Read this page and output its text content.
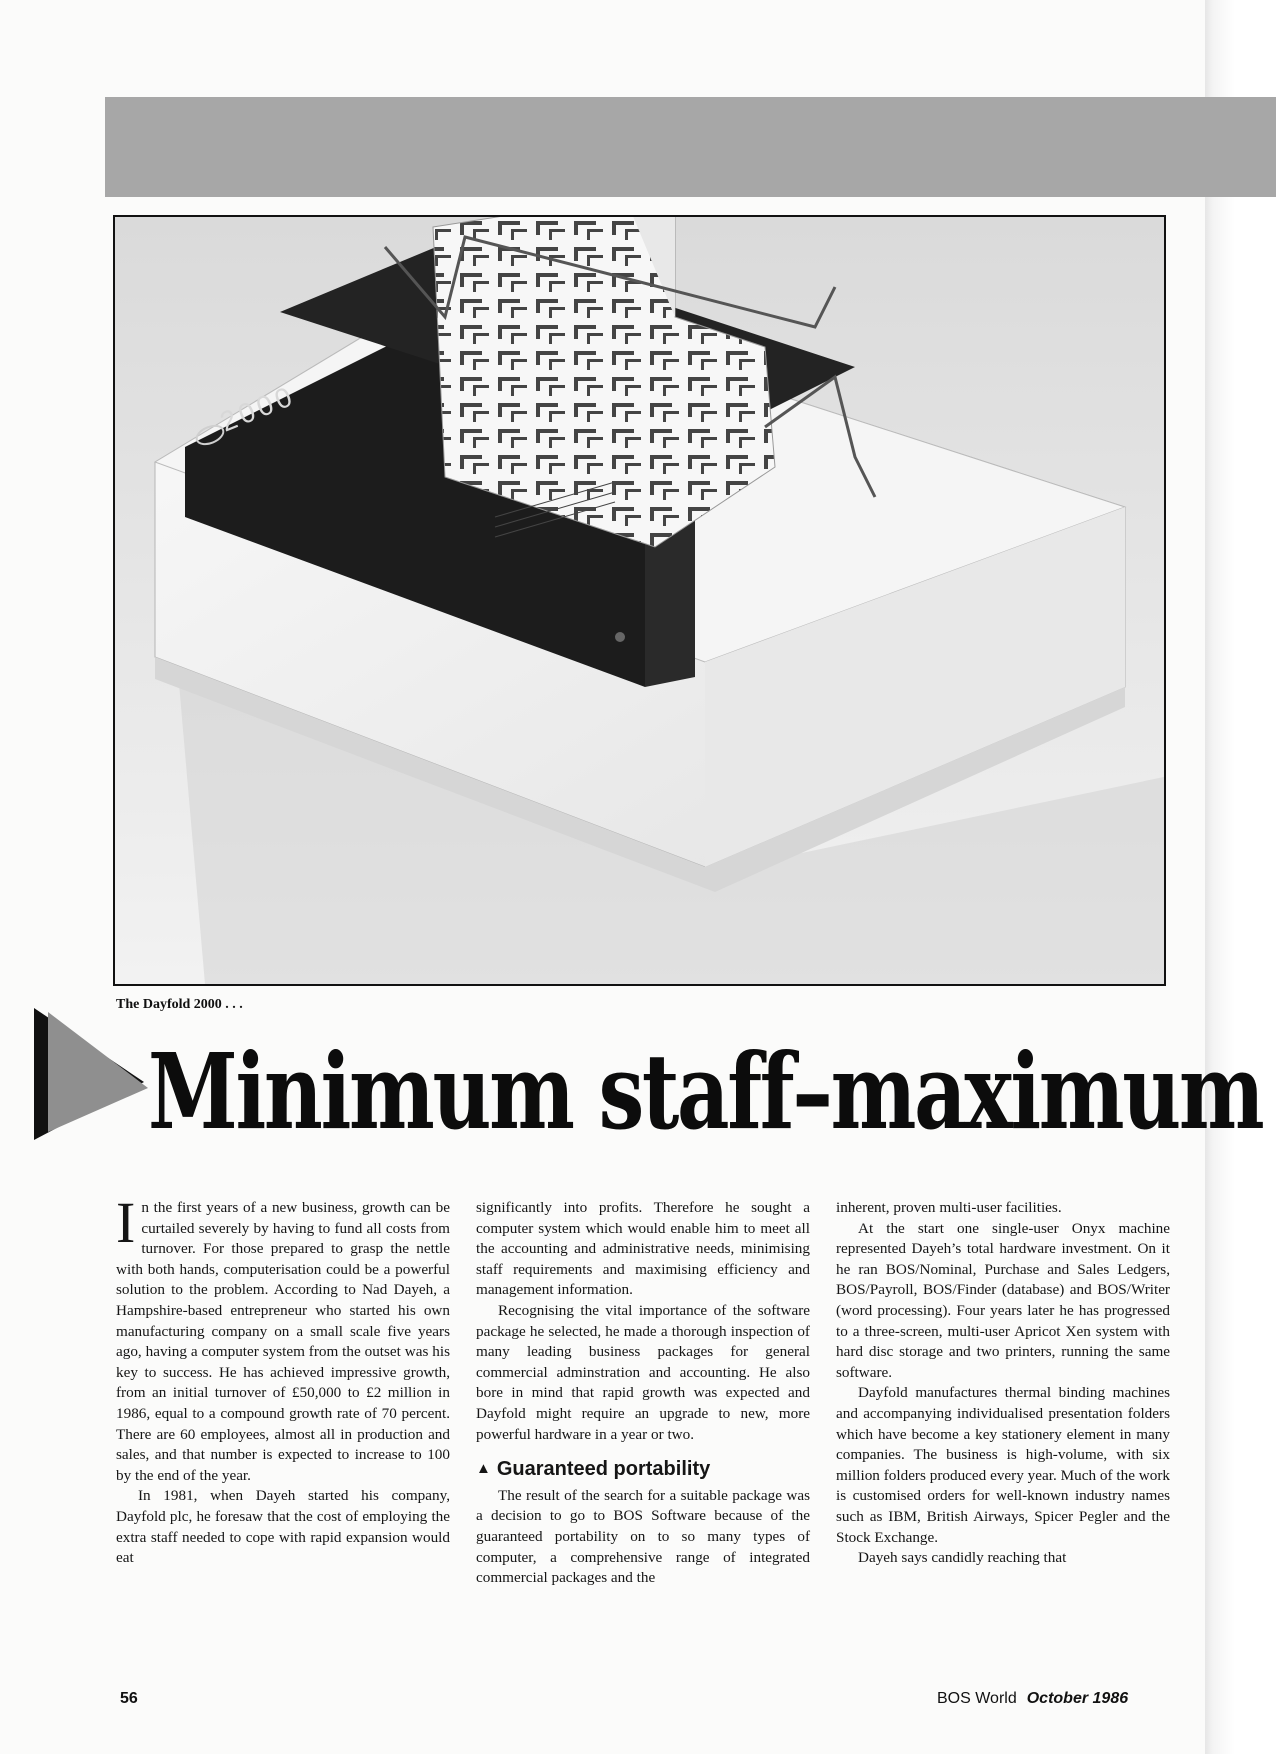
2000
The Dayfold 2000 . . .
Minimum staff–maximum

In the first years of a new business, growth can be curtailed severely by having to fund all costs from turnover. For those prepared to grasp the nettle with both hands, computerisation could be a powerful solution to the problem. According to Nad Dayeh, a Hampshire-based entrepreneur who started his own manufacturing company on a small scale five years ago, having a computer system from the outset was his key to success. He has achieved impressive growth, from an initial turnover of £50,000 to £2 million in 1986, equal to a compound growth rate of 70 percent. There are 60 employees, almost all in production and sales, and that number is expected to increase to 100 by the end of the year.

In 1981, when Dayeh started his company, Dayfold plc, he foresaw that the cost of employing the extra staff needed to cope with rapid expansion would eat

significantly into profits. Therefore he sought a computer system which would enable him to meet all the accounting and administrative needs, minimising staff requirements and maximising efficiency and management information.

Recognising the vital importance of the software package he selected, he made a thorough inspection of many leading business packages for general commercial adminstration and accounting. He also bore in mind that rapid growth was expected and Dayfold might require an upgrade to new, more powerful hardware in a year or two.

▲ Guaranteed portability

The result of the search for a suitable package was a decision to go to BOS Software because of the guaranteed portability on to so many types of computer, a comprehensive range of integrated commercial packages and the

inherent, proven multi-user facilities.

At the start one single-user Onyx machine represented Dayeh’s total hardware investment. On it he ran BOS/Nominal, Purchase and Sales Ledgers, BOS/Payroll, BOS/Finder (database) and BOS/Writer (word processing). Four years later he has progressed to a three-screen, multi-user Apricot Xen system with hard disc storage and two printers, running the same software.

Dayfold manufactures thermal binding machines and accompanying individualised presentation folders which have become a key stationery element in many companies. The business is high-volume, with six million folders produced every year. Much of the work is customised orders for well-known industry names such as IBM, British Airways, Spicer Pegler and the Stock Exchange.

Dayeh says candidly reaching that

56	BOS World October 1986
